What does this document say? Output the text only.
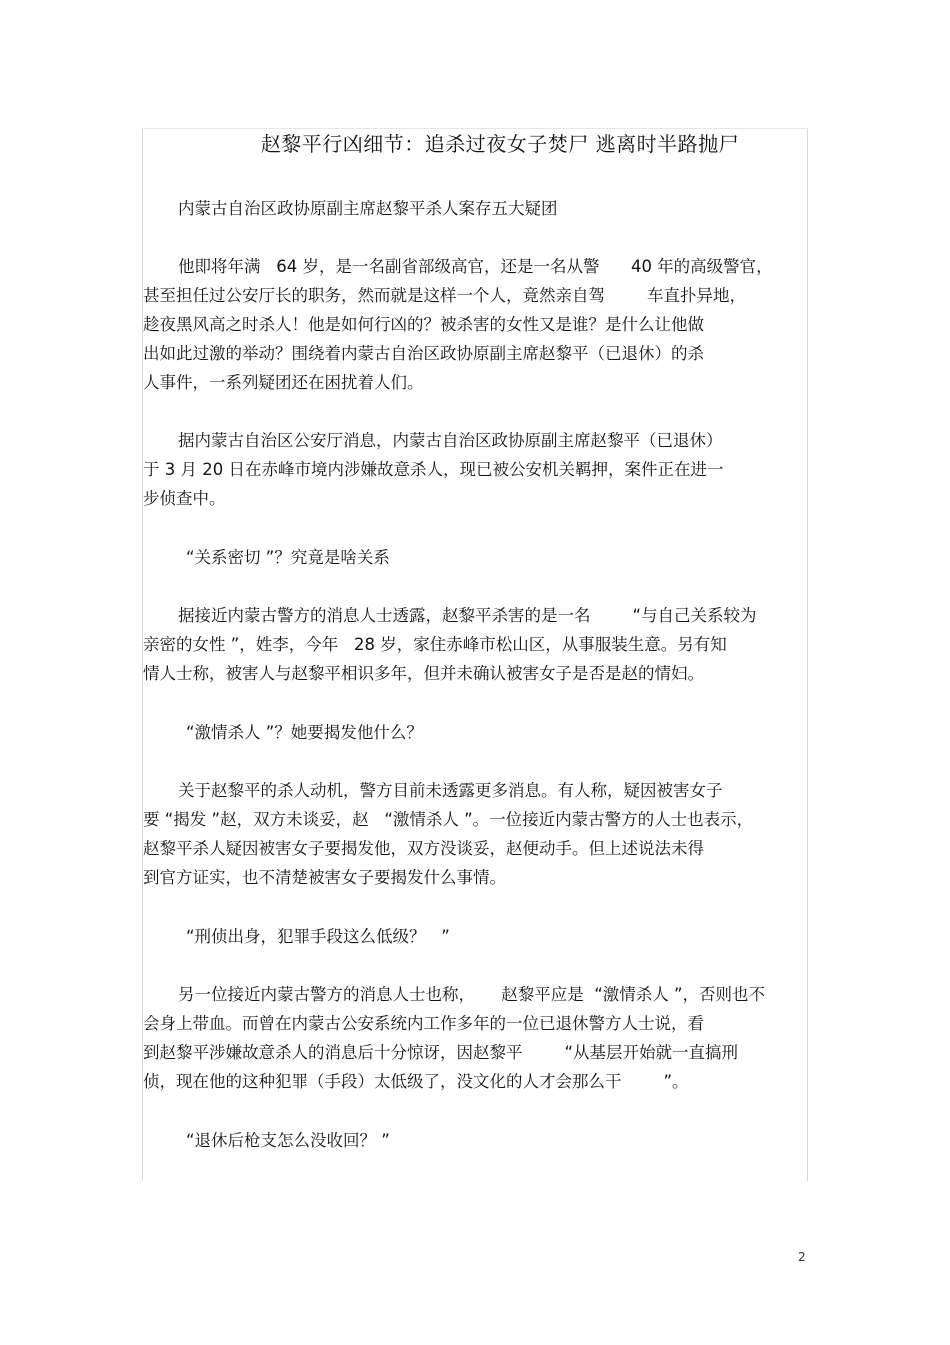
赵黎平行凶细节：追杀过夜女子焚尸 逃离时半路抛尸
内蒙古自治区政协原副主席赵黎平杀人案存五大疑团
他即将年满   64 岁，是一名副省部级高官，还是一名从警      40 年的高级警官，
甚至担任过公安厅长的职务，然而就是这样一个人，竟然亲自驾        车直扑异地，
趁夜黑风高之时杀人！他是如何行凶的？被杀害的女性又是谁？是什么让他做
出如此过激的举动？围绕着内蒙古自治区政协原副主席赵黎平（已退休）的杀
人事件，一系列疑团还在困扰着人们。
据内蒙古自治区公安厅消息，内蒙古自治区政协原副主席赵黎平（已退休）
于 3 月 20 日在赤峰市境内涉嫌故意杀人，现已被公安机关羁押，案件正在进一
步侦查中。
“关系密切 ”？究竟是啥关系
据接近内蒙古警方的消息人士透露，赵黎平杀害的是一名        “与自己关系较为
亲密的女性 ”，姓李，今年   28 岁，家住赤峰市松山区，从事服装生意。另有知
情人士称，被害人与赵黎平相识多年，但并未确认被害女子是否是赵的情妇。
“激情杀人 ”？她要揭发他什么？
关于赵黎平的杀人动机，警方目前未透露更多消息。有人称，疑因被害女子
要 “揭发 ”赵，双方未谈妥，赵   “激情杀人 ”。一位接近内蒙古警方的人士也表示，
赵黎平杀人疑因被害女子要揭发他，双方没谈妥，赵便动手。但上述说法未得
到官方证实，也不清楚被害女子要揭发什么事情。
“刑侦出身，犯罪手段这么低级？   ”
另一位接近内蒙古警方的消息人士也称，     赵黎平应是  “激情杀人 ”，否则也不
会身上带血。而曾在内蒙古公安系统内工作多年的一位已退休警方人士说，看
到赵黎平涉嫌故意杀人的消息后十分惊讶，因赵黎平        “从基层开始就一直搞刑
侦，现在他的这种犯罪（手段）太低级了，没文化的人才会那么干        ”。
“退休后枪支怎么没收回？ ”
2
